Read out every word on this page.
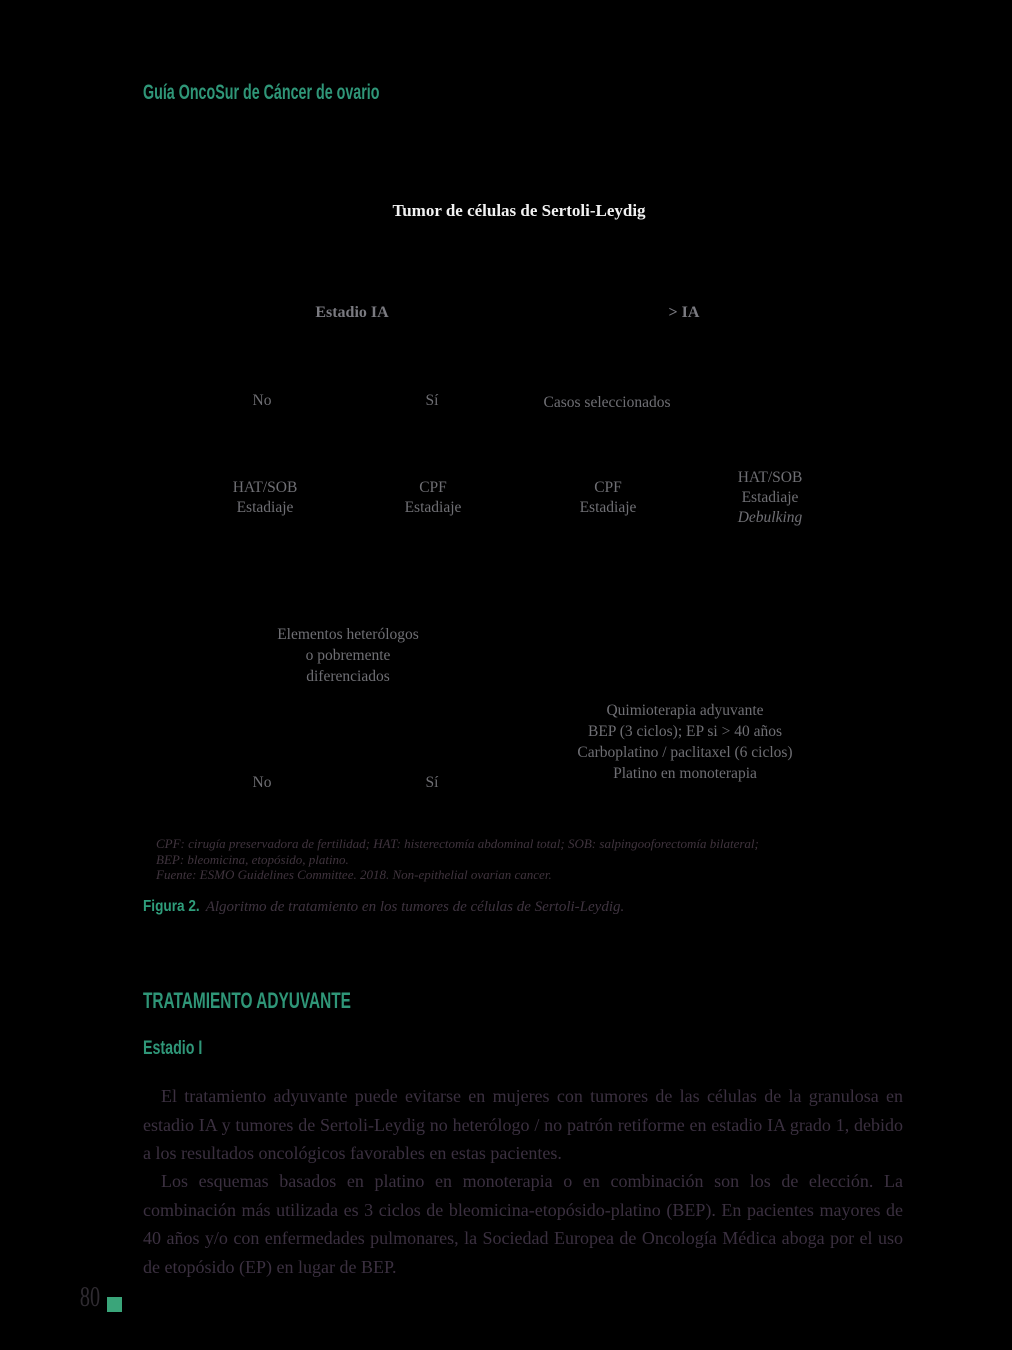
Guía OncoSur de Cáncer de ovario
Tumor de células de Sertoli-Leydig
Estadio IA	> IA
No	Sí	Casos seleccionados
HAT/SOB
Estadiaje
CPF
Estadiaje
CPF
Estadiaje
HAT/SOB
Estadiaje
Debulking
Elementos heterólogos
o pobremente
diferenciados
Quimioterapia adyuvante
BEP (3 ciclos); EP si > 40 años
Carboplatino / paclitaxel (6 ciclos)
Platino en monoterapia
No	Sí
CPF: cirugía preservadora de fertilidad; HAT: histerectomía abdominal total; SOB: salpingooforectomía bilateral;
BEP: bleomicina, etopósido, platino.
Fuente: ESMO Guidelines Committee. 2018. Non-epithelial ovarian cancer.
Figura 2. Algoritmo de tratamiento en los tumores de células de Sertoli-Leydig.
TRATAMIENTO ADYUVANTE
Estadio I
El tratamiento adyuvante puede evitarse en mujeres con tumores de las células de la granulosa en estadio IA y tumores de Sertoli-Leydig no heterólogo / no patrón retiforme en estadio IA grado 1, debido a los resultados oncológicos favorables en estas pacientes.
Los esquemas basados en platino en monoterapia o en combinación son los de elección. La combinación más utilizada es 3 ciclos de bleomicina-etopósido-platino (BEP). En pacientes mayores de 40 años y/o con enfermedades pulmonares, la Sociedad Europea de Oncología Médica aboga por el uso de etopósido (EP) en lugar de BEP.
80
